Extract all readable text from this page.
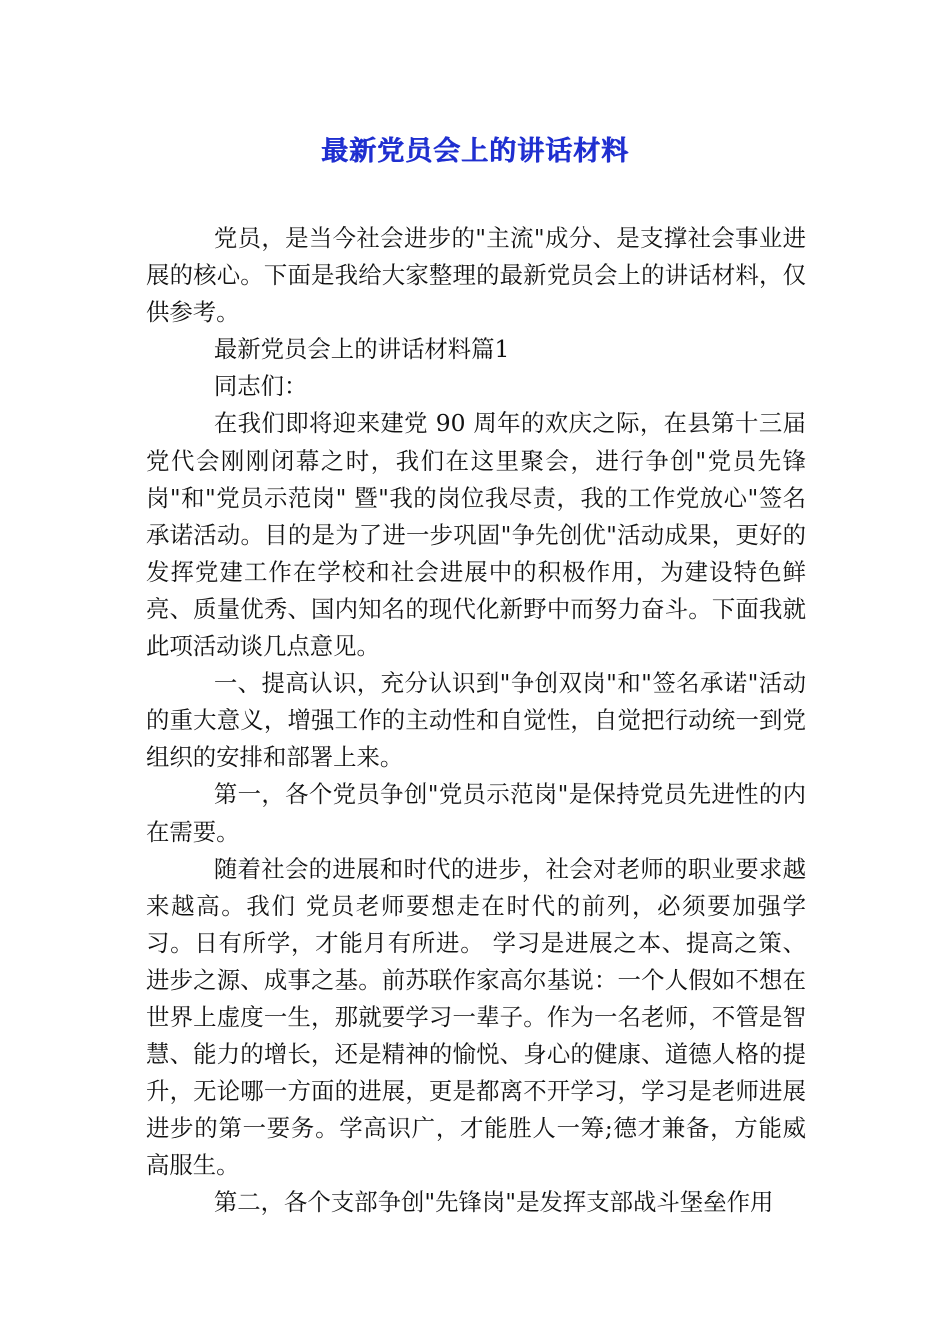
最新党员会上的讲话材料

党员，是当今社会进步的"主流"成分、是支撑社会事业进展的核心。下面是我给大家整理的最新党员会上的讲话材料，仅供参考。

最新党员会上的讲话材料篇1

同志们：

在我们即将迎来建党 90 周年的欢庆之际，在县第十三届党代会刚刚闭幕之时，我们在这里聚会，进行争创"党员先锋岗"和"党员示范岗" 暨"我的岗位我尽责，我的工作党放心"签名承诺活动。目的是为了进一步巩固"争先创优"活动成果，更好的发挥党建工作在学校和社会进展中的积极作用，为建设特色鲜亮、质量优秀、国内知名的现代化新野中而努力奋斗。下面我就此项活动谈几点意见。

一、提高认识，充分认识到"争创双岗"和"签名承诺"活动的重大意义，增强工作的主动性和自觉性，自觉把行动统一到党组织的安排和部署上来。

第一，各个党员争创"党员示范岗"是保持党员先进性的内在需要。

随着社会的进展和时代的进步，社会对老师的职业要求越来越高。我们 党员老师要想走在时代的前列，必须要加强学习。日有所学，才能月有所进。 学习是进展之本、提高之策、进步之源、成事之基。前苏联作家高尔基说：一个人假如不想在世界上虚度一生，那就要学习一辈子。作为一名老师，不管是智慧、能力的增长，还是精神的愉悦、身心的健康、道德人格的提升，无论哪一方面的进展，更是都离不开学习，学习是老师进展进步的第一要务。学高识广，才能胜人一筹;德才兼备，方能威高服生。

第二，各个支部争创"先锋岗"是发挥支部战斗堡垒作用
